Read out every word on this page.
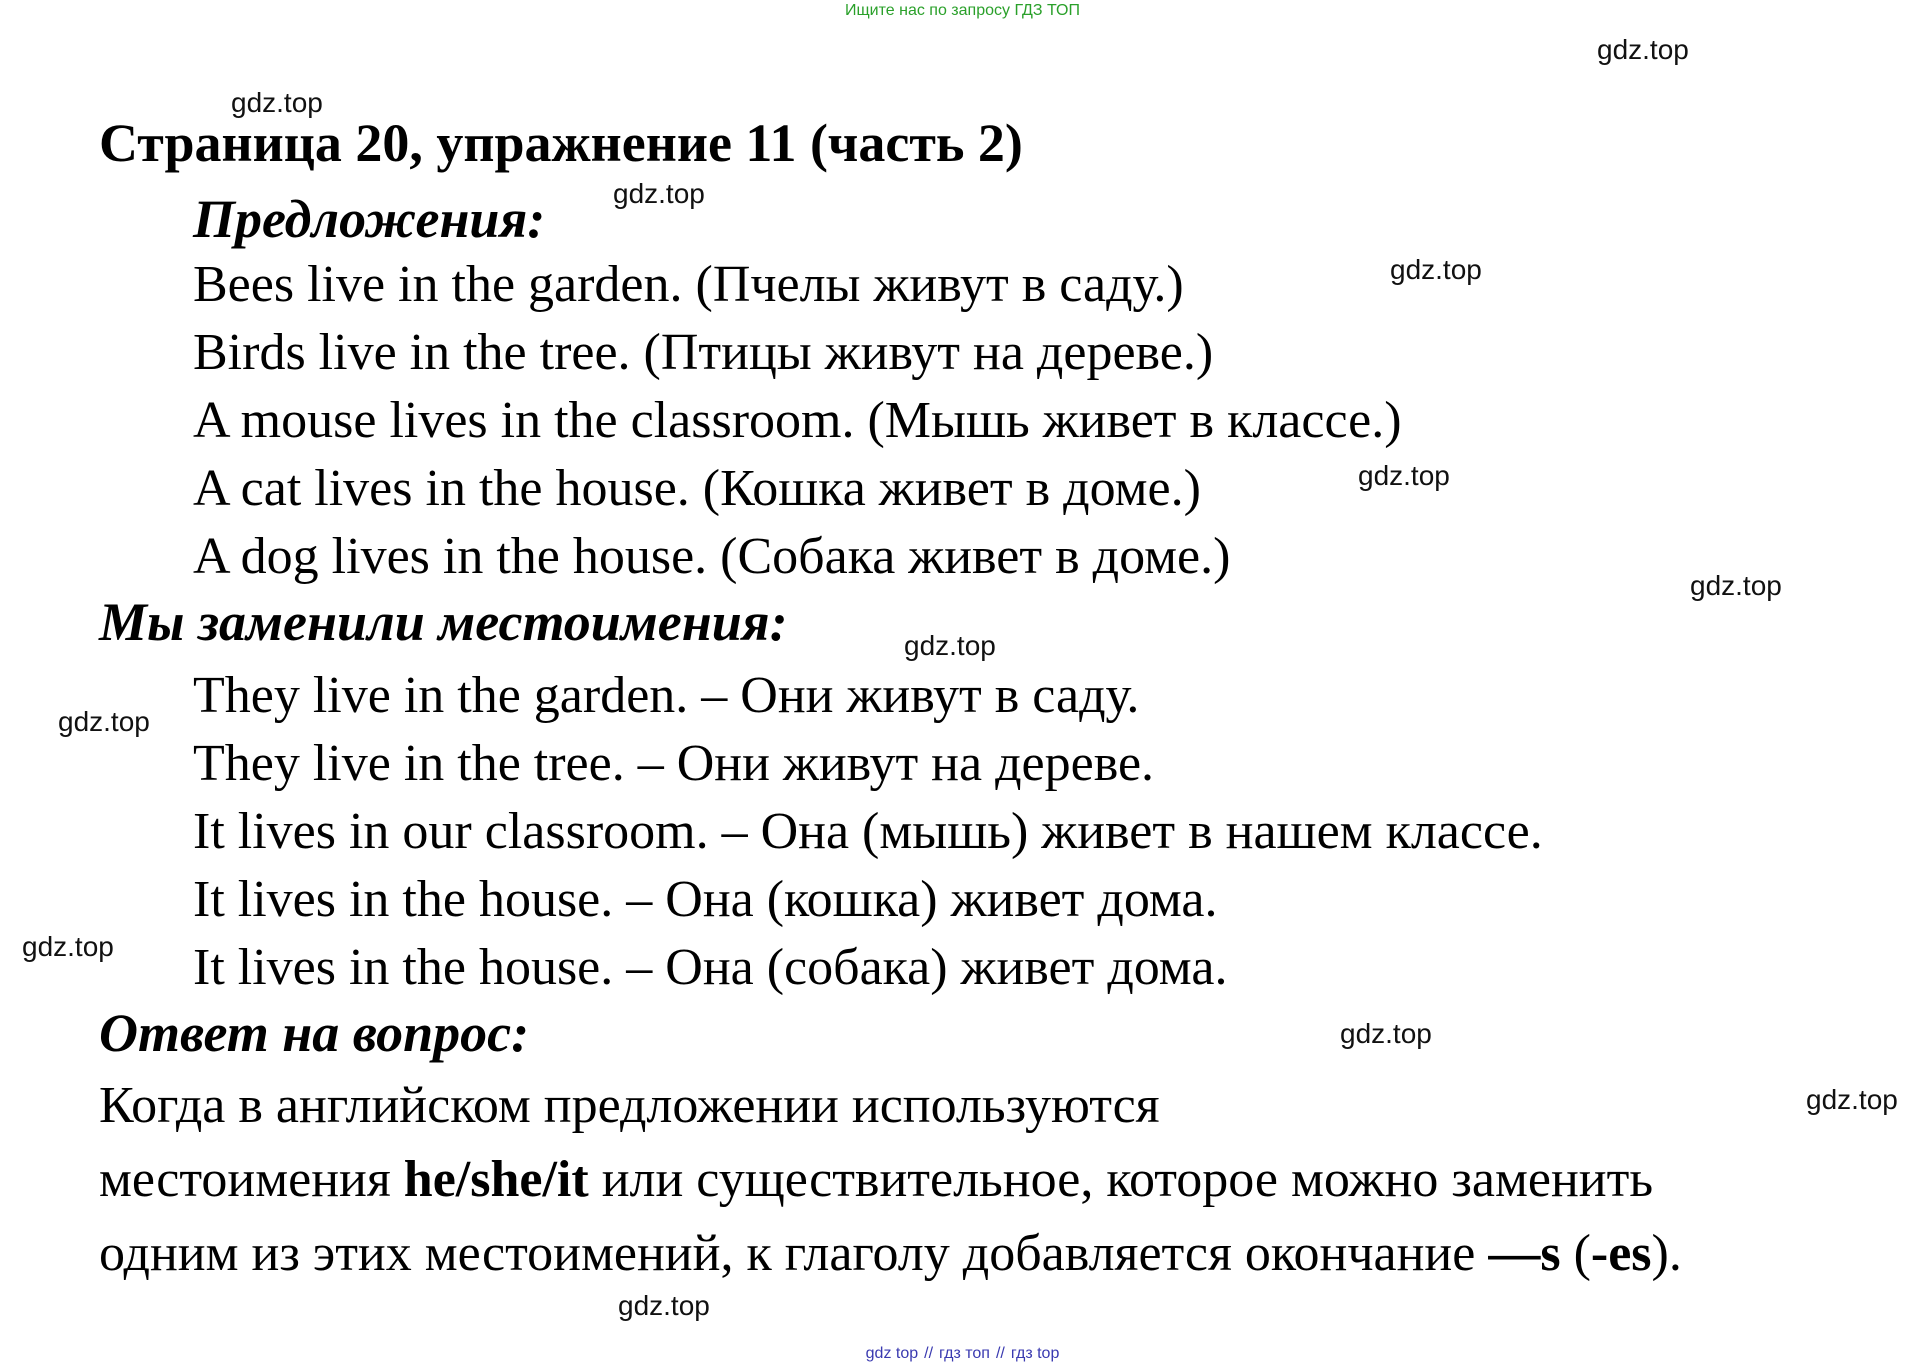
Ищите нас по запросу ГДЗ ТОП
gdz.top
gdz.top
gdz.top
gdz.top
gdz.top
gdz.top
gdz.top
gdz.top
gdz.top
gdz.top
gdz.top
gdz.top
Страница 20, упражнение 11 (часть 2)
Предложения:
Bees live in the garden. (Пчелы живут в саду.)
Birds live in the tree. (Птицы живут на дереве.)
A mouse lives in the classroom. (Мышь живет в классе.)
A cat lives in the house. (Кошка живет в доме.)
A dog lives in the house. (Собака живет в доме.)
Мы заменили местоимения:
They live in the garden. – Они живут в саду.
They live in the tree. – Они живут на дереве.
It lives in our classroom. – Она (мышь) живет в нашем классе.
It lives in the house. – Она (кошка) живет дома.
It lives in the house. – Она (собака) живет дома.
Ответ на вопрос:
Когда в английском предложении используются
местоимения he/she/it или существительное, которое можно заменить
одним из этих местоимений, к глаголу добавляется окончание —s (-es).
gdz top // гдз топ // гдз top
